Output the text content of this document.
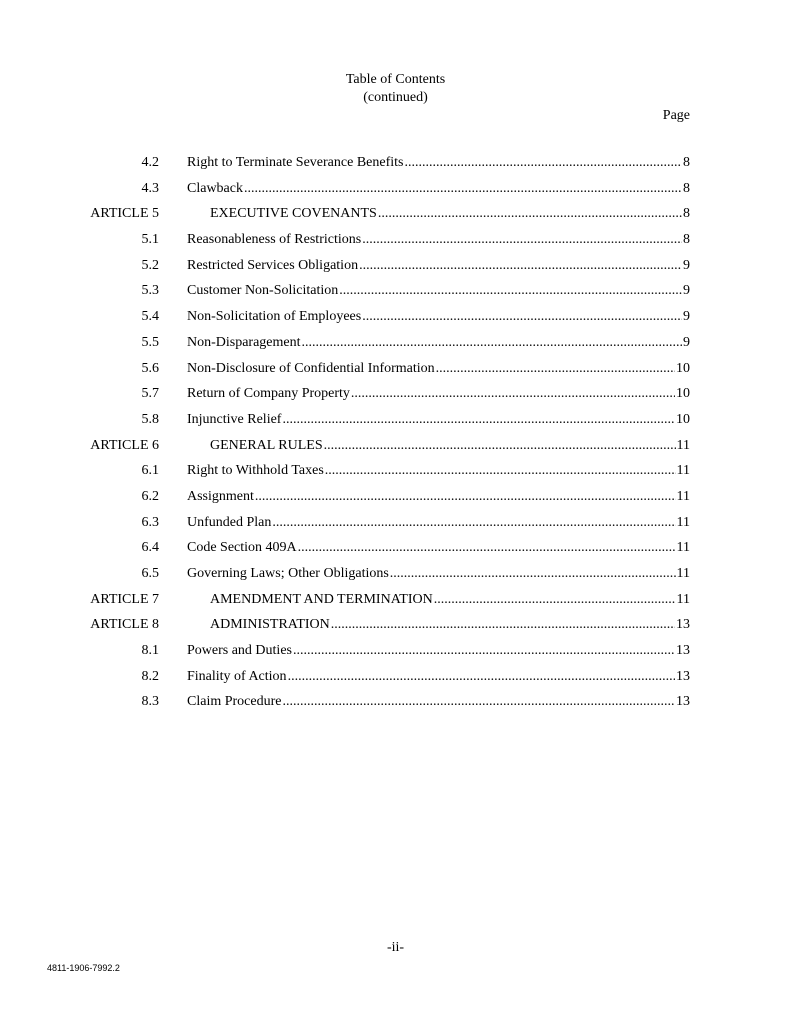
Table of Contents
(continued)
Page
4.2 Right to Terminate Severance Benefits .....	8
4.3 Clawback .....	8
ARTICLE 5	EXECUTIVE COVENANTS .....	8
5.1 Reasonableness of Restrictions .....	8
5.2 Restricted Services Obligation .....	9
5.3 Customer Non-Solicitation .....	9
5.4 Non-Solicitation of Employees .....	9
5.5 Non-Disparagement .....	9
5.6 Non-Disclosure of Confidential Information .....	10
5.7 Return of Company Property .....	10
5.8 Injunctive Relief .....	10
ARTICLE 6	GENERAL RULES .....	11
6.1 Right to Withhold Taxes .....	11
6.2 Assignment .....	11
6.3 Unfunded Plan .....	11
6.4 Code Section 409A .....	11
6.5 Governing Laws; Other Obligations .....	11
ARTICLE 7	AMENDMENT AND TERMINATION .....	11
ARTICLE 8	ADMINISTRATION .....	13
8.1 Powers and Duties .....	13
8.2 Finality of Action .....	13
8.3 Claim Procedure .....	13
-ii-
4811-1906-7992.2
